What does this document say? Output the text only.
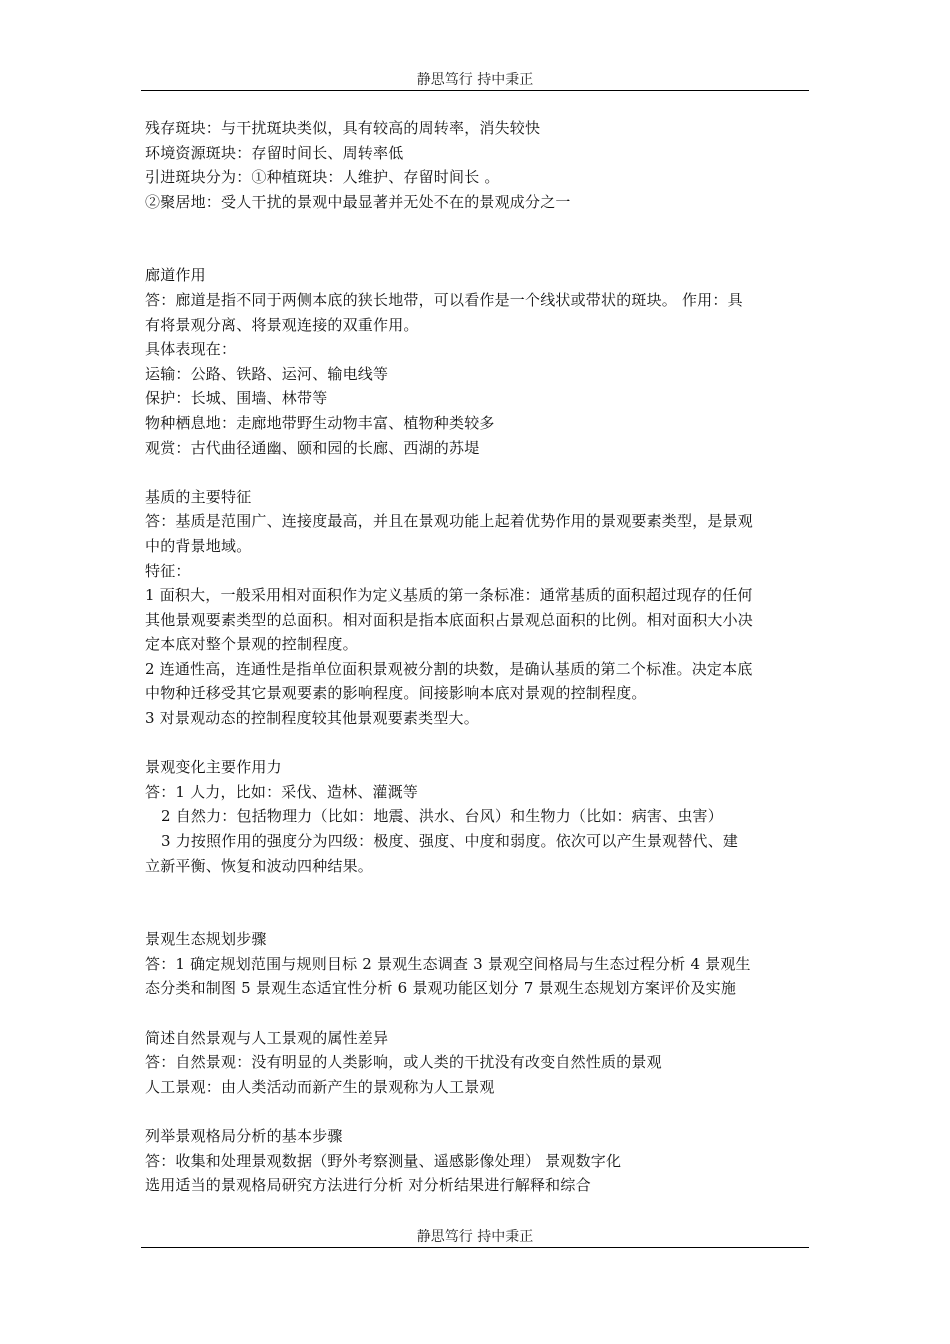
静思笃行 持中秉正

残存斑块：与干扰斑块类似，具有较高的周转率，消失较快

环境资源斑块：存留时间长、周转率低

引进斑块分为：①种植斑块：人维护、存留时间长 。

②聚居地：受人干扰的景观中最显著并无处不在的景观成分之一

廊道作用

答：廊道是指不同于两侧本底的狭长地带，可以看作是一个线状或带状的斑块。 作用：具

有将景观分离、将景观连接的双重作用。

具体表现在：

运输：公路、铁路、运河、输电线等

保护：长城、围墙、林带等

物种栖息地：走廊地带野生动物丰富、植物种类较多

观赏：古代曲径通幽、颐和园的长廊、西湖的苏堤

基质的主要特征

答：基质是范围广、连接度最高，并且在景观功能上起着优势作用的景观要素类型，是景观

中的背景地域。

特征：

1 面积大，一般采用相对面积作为定义基质的第一条标准：通常基质的面积超过现存的任何

其他景观要素类型的总面积。相对面积是指本底面积占景观总面积的比例。相对面积大小决

定本底对整个景观的控制程度。

2 连通性高，连通性是指单位面积景观被分割的块数，是确认基质的第二个标准。决定本底

中物种迁移受其它景观要素的影响程度。间接影响本底对景观的控制程度。

3 对景观动态的控制程度较其他景观要素类型大。

景观变化主要作用力

答：1 人力，比如：采伐、造林、灌溉等

2 自然力：包括物理力（比如：地震、洪水、台风）和生物力（比如：病害、虫害）

3 力按照作用的强度分为四级：极度、强度、中度和弱度。依次可以产生景观替代、建

立新平衡、恢复和波动四种结果。

景观生态规划步骤

答：1 确定规划范围与规则目标 2 景观生态调查 3 景观空间格局与生态过程分析 4 景观生

态分类和制图 5 景观生态适宜性分析 6 景观功能区划分 7 景观生态规划方案评价及实施

简述自然景观与人工景观的属性差异

答：自然景观：没有明显的人类影响，或人类的干扰没有改变自然性质的景观

人工景观：由人类活动而新产生的景观称为人工景观

列举景观格局分析的基本步骤

答：收集和处理景观数据（野外考察测量、遥感影像处理） 景观数字化

选用适当的景观格局研究方法进行分析 对分析结果进行解释和综合

静思笃行 持中秉正
